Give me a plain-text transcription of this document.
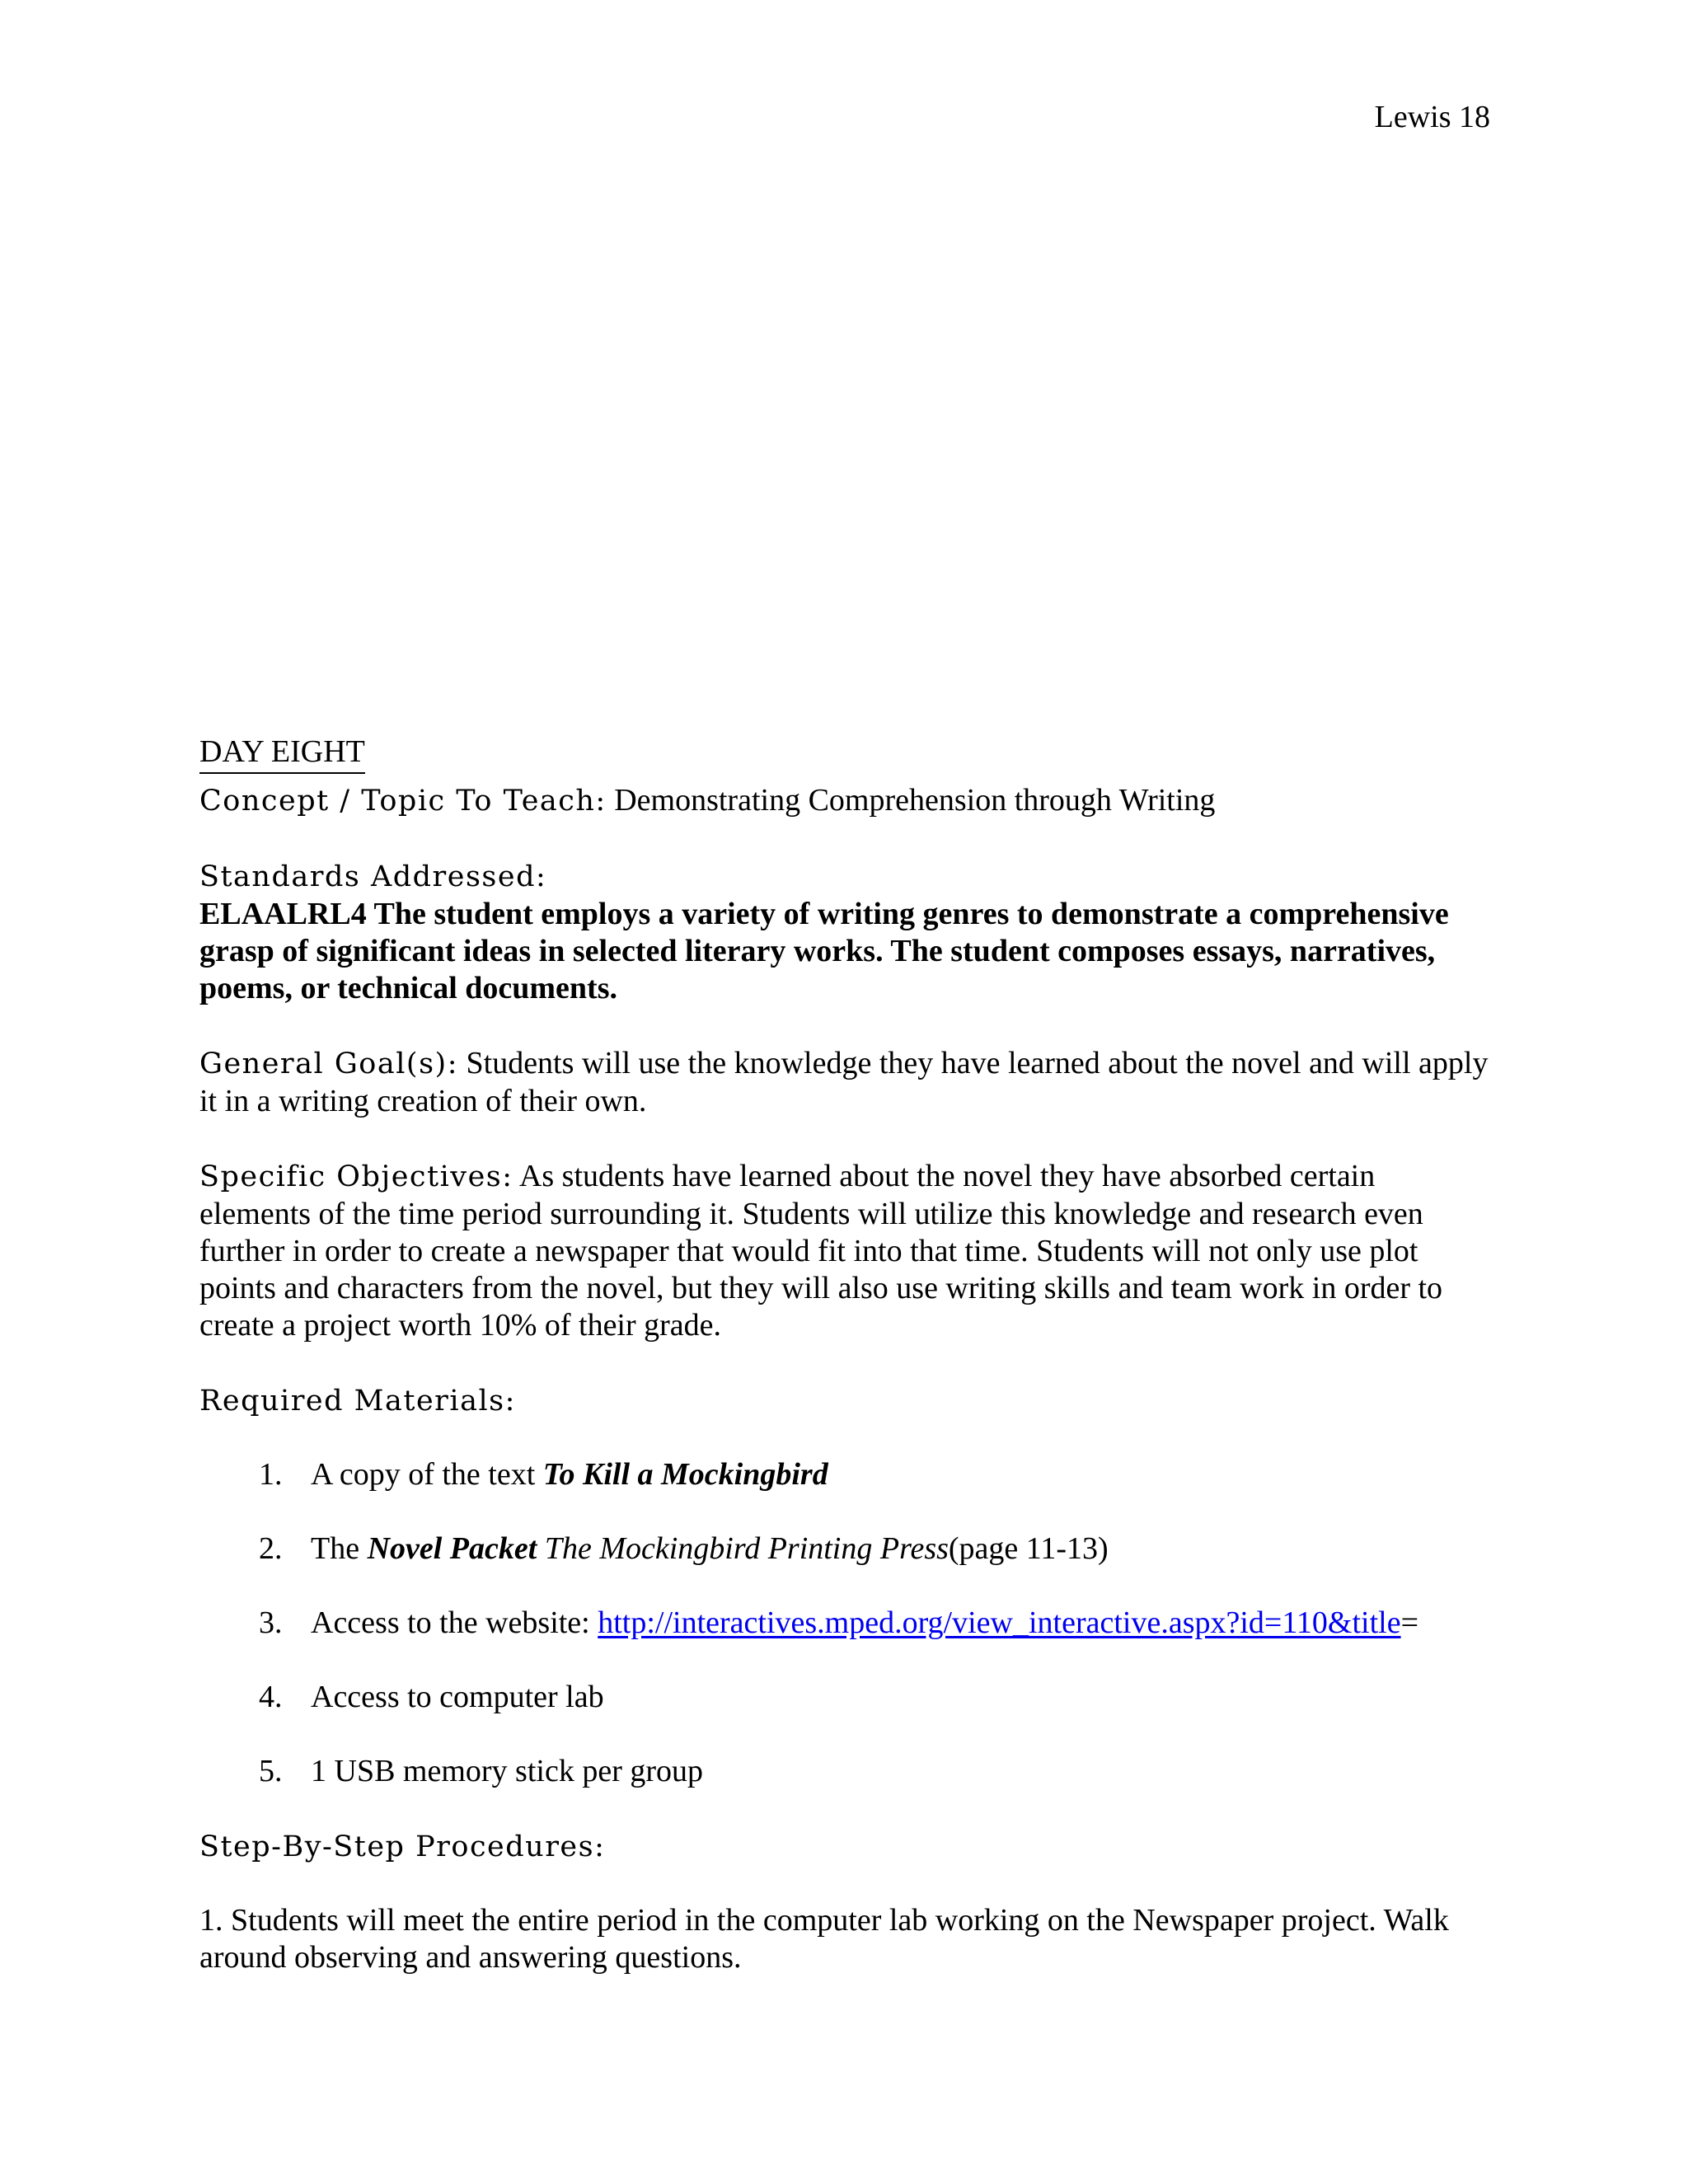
Lewis 18
DAY EIGHT

Concept / Topic To Teach: Demonstrating Comprehension through Writing

Standards Addressed:

ELAALRL4 The student employs a variety of writing genres to demonstrate a comprehensive grasp of significant ideas in selected literary works. The student composes essays, narratives, poems, or technical documents.

General Goal(s): Students will use the knowledge they have learned about the novel and will apply it in a writing creation of their own.

Specific Objectives: As students have learned about the novel they have absorbed certain elements of the time period surrounding it. Students will utilize this knowledge and research even further in order to create a newspaper that would fit into that time. Students will not only use plot points and characters from the novel, but they will also use writing skills and team work in order to create a project worth 10% of their grade.

Required Materials:

1. A copy of the text To Kill a Mockingbird
2. The Novel Packet The Mockingbird Printing Press(page 11-13)
3. Access to the website: http://interactives.mped.org/view_interactive.aspx?id=110&title=
4. Access to computer lab
5. 1 USB memory stick per group

Step-By-Step Procedures:

1. Students will meet the entire period in the computer lab working on the Newspaper project. Walk around observing and answering questions.
